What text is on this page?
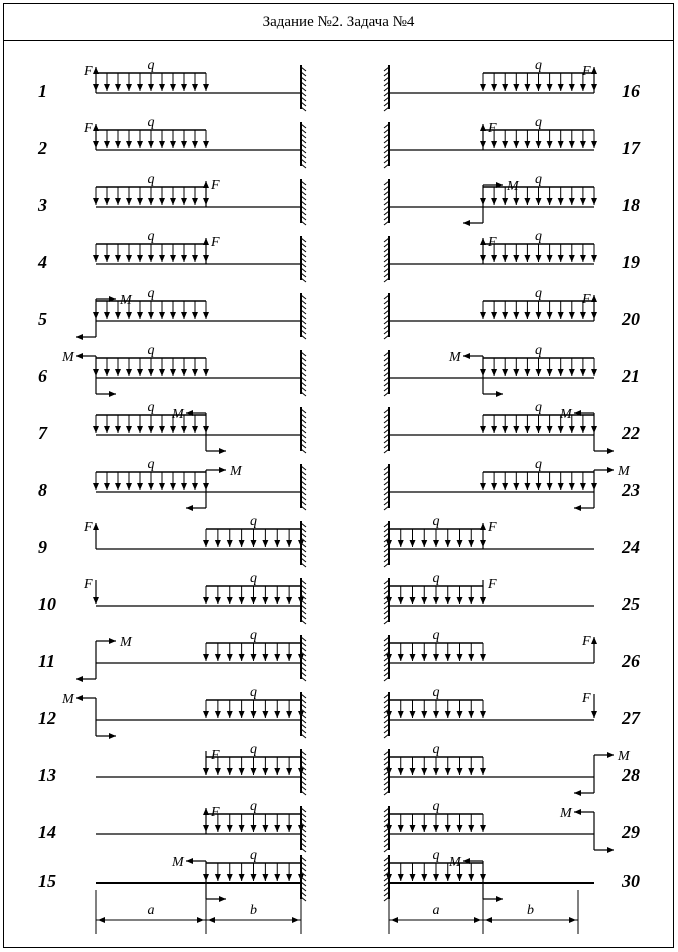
Задание №2. Задача №4
1
q
F
2
q
F
3
q	F
4
q	F
5
q
M
6
q
M
7
q M
8
q	M
9
q
F
10
q
F
11
q
M
12
q
M
13
q
F
14
q
F
15
q
M
16
q	F
17
q
F
18
q
M
19
q
F
20
q	F
21
q
M
22
q M
23
q	M
24
q	F
25
q	F
26
q	F
27
q	F
28
q	M
29
q	M
30
q M
a	b	a	b
